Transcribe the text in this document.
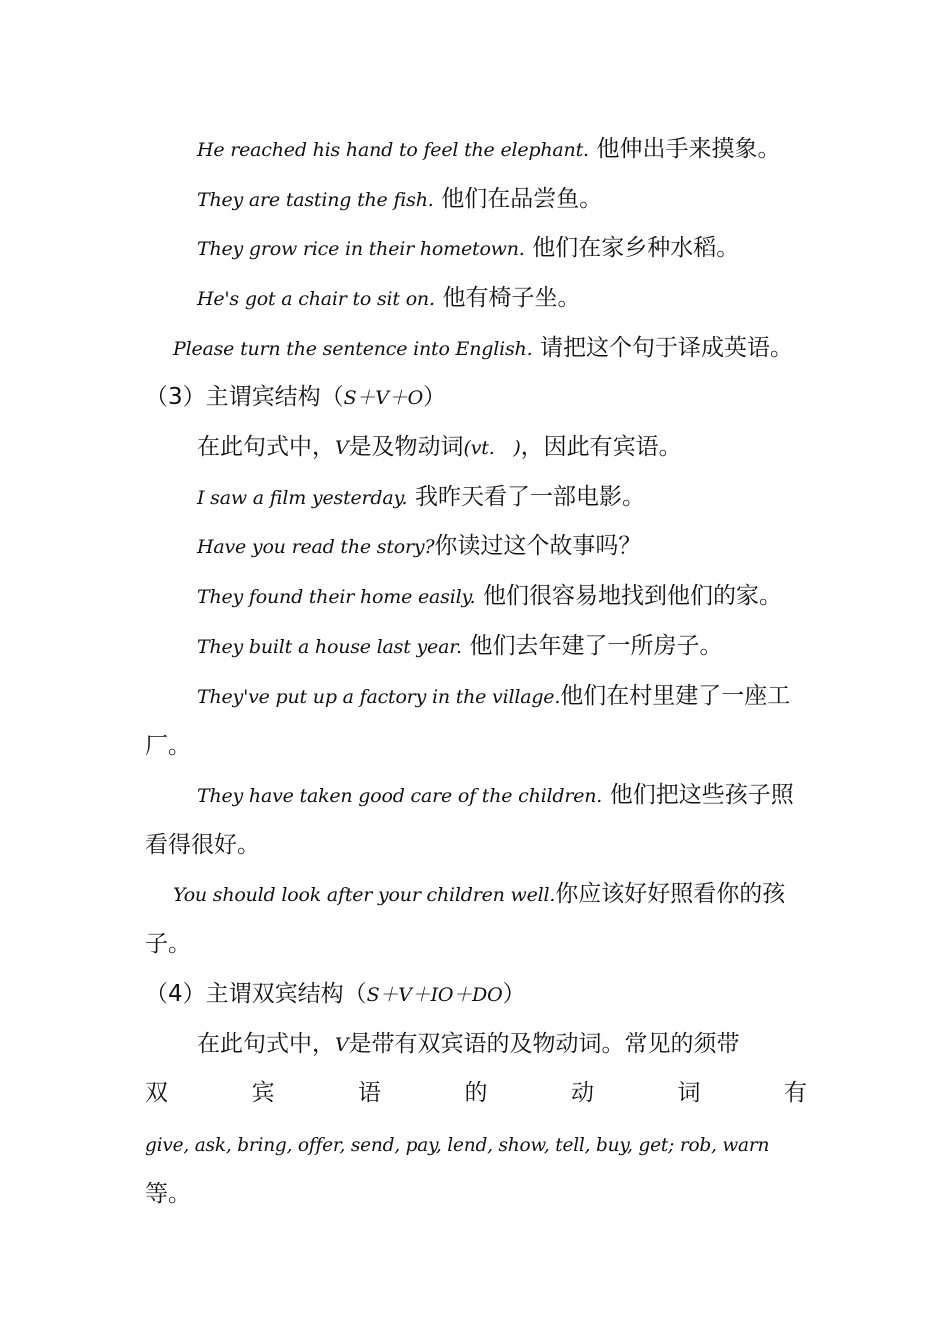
He reached his hand to feel the elephant. 他伸出手来摸象。
They are tasting the fish. 他们在品尝鱼。
They grow rice in their hometown. 他们在家乡种水稻。
He's got a chair to sit on. 他有椅子坐。
Please turn the sentence into English. 请把这个句于译成英语。
（3）主谓宾结构（S＋V＋O）
在此句式中，V是及物动词(vt.　)，因此有宾语。
I saw a film yesterday. 我昨天看了一部电影。
Have you read the story?你读过这个故事吗？
They found their home easily. 他们很容易地找到他们的家。
They built a house last year. 他们去年建了一所房子。
They've put up a factory in the village.他们在村里建了一座工
厂。
They have taken good care of the children. 他们把这些孩子照
看得很好。
You should look after your children well.你应该好好照看你的孩
子。
（4）主谓双宾结构（S＋V＋IO＋DO）
在此句式中，V是带有双宾语的及物动词。常见的须带
双	宾	语	的	动	词	有
give, ask, bring, offer, send, pay, lend, show, tell, buy, get; rob, warn
等。
